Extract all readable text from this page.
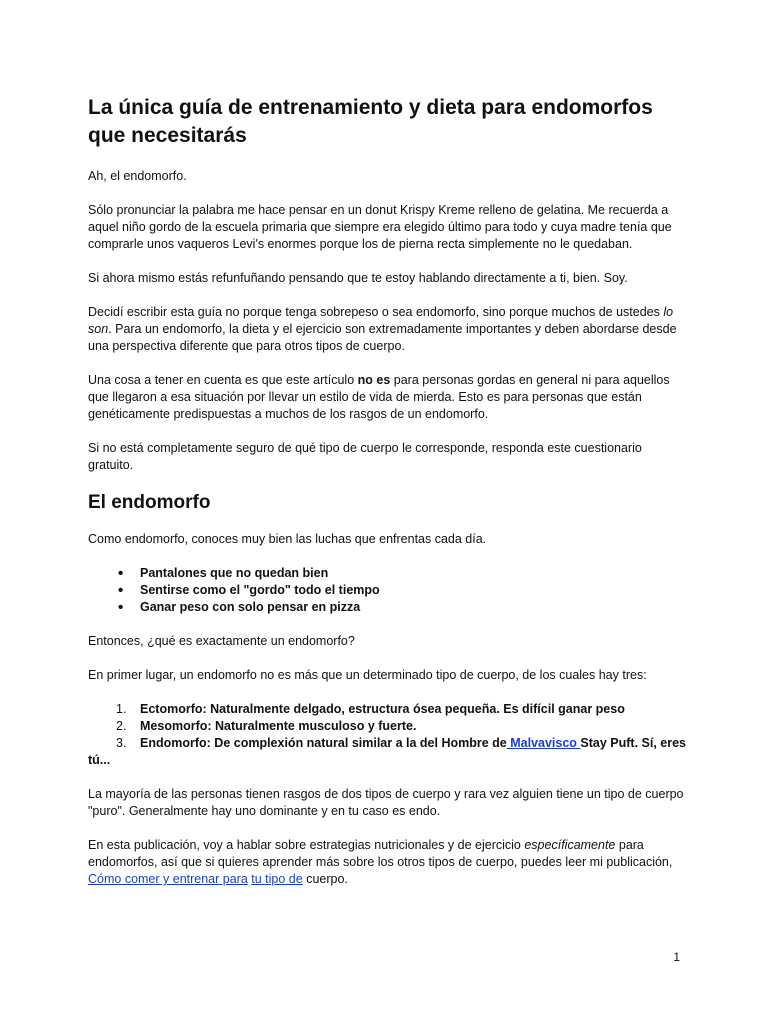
La única guía de entrenamiento y dieta para endomorfos que necesitarás

Ah, el endomorfo.

Sólo pronunciar la palabra me hace pensar en un donut Krispy Kreme relleno de gelatina. Me recuerda a aquel niño gordo de la escuela primaria que siempre era elegido último para todo y cuya madre tenía que comprarle unos vaqueros Levi's enormes porque los de pierna recta simplemente no le quedaban.

Si ahora mismo estás refunfuñando pensando que te estoy hablando directamente a ti, bien. Soy.

Decidí escribir esta guía no porque tenga sobrepeso o sea endomorfo, sino porque muchos de ustedes lo son. Para un endomorfo, la dieta y el ejercicio son extremadamente importantes y deben abordarse desde una perspectiva diferente que para otros tipos de cuerpo.

Una cosa a tener en cuenta es que este artículo no es para personas gordas en general ni para aquellos que llegaron a esa situación por llevar un estilo de vida de mierda. Esto es para personas que están genéticamente predispuestas a muchos de los rasgos de un endomorfo.

Si no está completamente seguro de qué tipo de cuerpo le corresponde, responda este cuestionario
gratuito.

El endomorfo

Como endomorfo, conoces muy bien las luchas que enfrentas cada día.

• Pantalones que no quedan bien
• Sentirse como el "gordo" todo el tiempo
• Ganar peso con solo pensar en pizza

Entonces, ¿qué es exactamente un endomorfo?

En primer lugar, un endomorfo no es más que un determinado tipo de cuerpo, de los cuales hay tres:

1. Ectomorfo: Naturalmente delgado, estructura ósea pequeña. Es difícil ganar peso
2. Mesomorfo: Naturalmente musculoso y fuerte.
3. Endomorfo: De complexión natural similar a la del Hombre de Malvavisco Stay Puft. Sí, eres tú...

La mayoría de las personas tienen rasgos de dos tipos de cuerpo y rara vez alguien tiene un tipo de cuerpo "puro". Generalmente hay uno dominante y en tu caso es endo.

En esta publicación, voy a hablar sobre estrategias nutricionales y de ejercicio específicamente para endomorfos, así que si quieres aprender más sobre los otros tipos de cuerpo, puedes leer mi publicación, Cómo comer y entrenar para tu tipo de cuerpo.

1
